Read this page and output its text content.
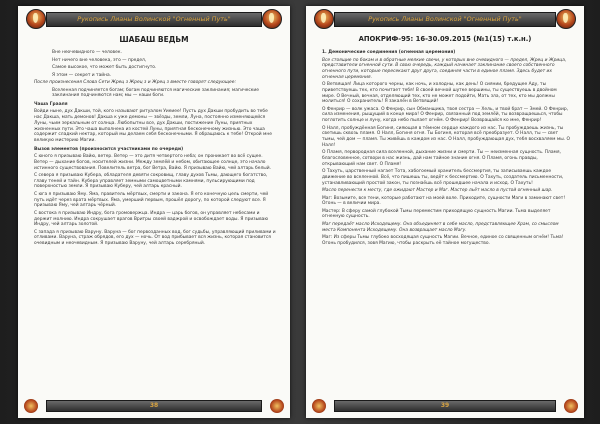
Рукопись Лианы Волинской "Огненный Путь"
ШАБАШ ВЕДЬМ

Вне неочевидного — человек.

Нет ничего вне человека, это — предел,

Самое высокое, что может быть достигнуто.

Я этом — секрет и тайна.

После произнесения Слова Сети Жрец з Жрец з и Жрец з вместе говорят следующее:

Вселенная подчиняется богам; богам подчиняются магические заклинания; магические заклинания подчиняются нам; мы — наши боги.

Чаша Грааля

Войди ныне, дух Дакши, той, кого называют ритуалом Уиеиее! Пусть дух Дакши пробудить во тебе нас Дакша, мать демонов! Дакша к уже демоны — звёзды, земли, Луна, постоянно изменяющейся Луны, чьим зеркальным от солнца. Любопытны все, дух Дакши, постижение Луны, приятных жизненных пути. Это чаша выполнена из костей Луны, приятная бесконечному жизнью. Это чаша содержит сладкий нектар, который мы делаем себя бесконечными. Я обращаюсь к тебе! Открой мне великую мистерию Магии.

Вызов элементов (произносится участниками по очереди)

С юного я призываю Вайю, ветер. Ветер — это дитя четвертого неба; он проникает во всё сущее. Ветер — дыхание богов, носителей жизни. Между землёй и небом, обитающее солнце, это начало истинного существования. Повелитель ветра, бог Ветра, Вайю. Я призываю Вайю, чей алтарь белый.

С севера я призываю Кубера, обладателя девяти сокровищ, главу духов Тьмы, дающего богатство, главу теней и тайн. Кубера управляет земными самоцветными камнями, пульсирующими под поверхностью земли. Я призываю Куберу, чей алтарь красный.

С юга я призываю Яму. Яма, правитель мёртвых, смерти и закона. Я его конечную цель смерти, чей путь идёт через врата мёртвых. Яма, умерший первым, прошёл дорогу, по которой следуют все. Я призываю Яму, чей алтарь чёрный.

С востока я призываю Индру, бога громовержца. Индра — царь богов, он управляет небесами и держит молнию. Индра сокрушает врагов Вритры своей ваджрой и освобождает воды. Я призываю Индру, чей алтарь золотой.

С запада я призываю Варуну. Варуна — бог первозданных вод, бог судьбы, управляющий приливами и отливами. Варуна, страж обрядов, его дух — ночь. От вод прибывает вся жизнь, которая становится очевидным и неочевидным. Я призываю Варуну, чей алтарь серебряный.

38
Рукопись Лианы Волинской "Огненный Путь"
АПОКРИФ-95: 16-30.09.2015 (№1(15) т.к.н.)

1. Демонические соединения (огненная церемония)

Все стоящие по бокам и в обратные мелкие свечи, у которых вне очевидного — предел, Жрец и Жрица, представители огненной сути. В свою очередь, каждый начинает заклинание своего собственного огненного пути, которые пересекают друг друга, соединяя части в единое пламя. Здесь будет их огненная церемония.

О Ветвящая! Лица которого черны, как ночь, и холодны, как день! О сиянии, бредущее Аду, ты приветствуешь тех, кто почитает тебя! В своей вечной шутке вершины, ты существуешь в двойном мире. О Вечный, вечная, отделяющий тех, кто не может подойти, Мать зла, от тех, кто мы должны молиться! О сохранитель! Я закалён в Ветвящий!

О Фенрир — волк ужаса. О Фенрир, сын Обманщика, твоя сестра — Хель, и твой брат — Змей. О Фенрир, сила изменения, рыщущий в конце мира! О Фенрир, связанный под землёй, ты возвращаешься, чтобы поглотить солнце и луну, когда небо пылает огнём. О Фенрир! Возвращайся ко мне, Фенрир!

О Налл, пробуждённая Богиня, сияющая в тёмном сердце каждого из нас. Ты пробуждаешь жизнь, ты светишь сквозь пламя. О Налл, Богиня огня. Ты Богиня, которая всё преобразует. О Налл, ты — свет тьмы, чей дом — пламя. Ты живёшь в каждом из нас. О Налл, пробуждающая дух, тебя восхваляем мы. О Налл!

О Пламя, первородная сила вселенной, дыхание жизни и смерти. Ты — неизменная сущность. Пламя, благословенное, сотвори в нас жизнь, дай нам тайное знание огня. О Пламя, огонь правды, открывающий нам свет. О Пламя!

О Тахуть, царственный нагает Тота, хабогоемый хранитель бессмертия, ты записываешь каждое движение во вселенной. Всё, что пишешь ты, ведёт к бессмертию. О Тахуть, создатель письменности, устанавливающий простой закон, ты познаёшь всё прошедшее начала и исход. О Тахуть!

Масло перенести к месту, где ожидают Мастер и Маг. Мастер льёт масло в пустой огненный шар.

Маг: Возьмите, все тени, которые работают на моей воле. Приходите, сущности Маги в заминают свет! Огонь — в величии мира.

Мастер: В сферу самой глубокой Тьмы переместим приходящую сущность Магии. Тьма выделяет огненную сущность.

Маг передаёт масло Исходящему. Она объединяет в себе масло, представляющее Храм, со смыслом места Компонента Исходящему. Она возвращает масло Магу.

Маг: Из сферы Тьмы глубоко восходящая сущность Магии. Вечное, единое со священным огнём! Тьма! Огонь пробудился, зовя Магию, чтобы раскрыть её тайное могущество.

39
